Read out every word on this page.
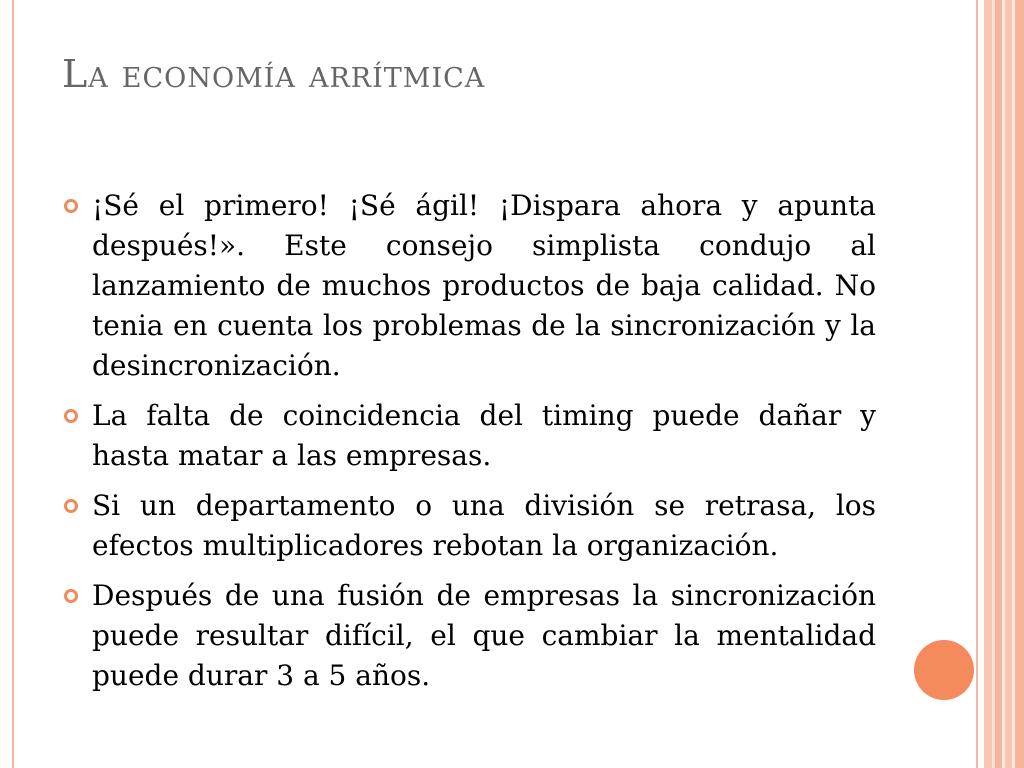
La economía arrítmica
¡Sé el primero! ¡Sé ágil! ¡Dispara ahora y apunta después!». Este consejo simplista condujo al lanzamiento de muchos productos de baja calidad. No tenia en cuenta los problemas de la sincronización y la desincronización.
La falta de coincidencia del timing puede dañar y hasta matar a las empresas.
Si un departamento o una división se retrasa, los efectos multiplicadores rebotan la organización.
Después de una fusión de empresas la sincronización puede resultar difícil, el que cambiar la mentalidad puede durar 3 a 5 años.
